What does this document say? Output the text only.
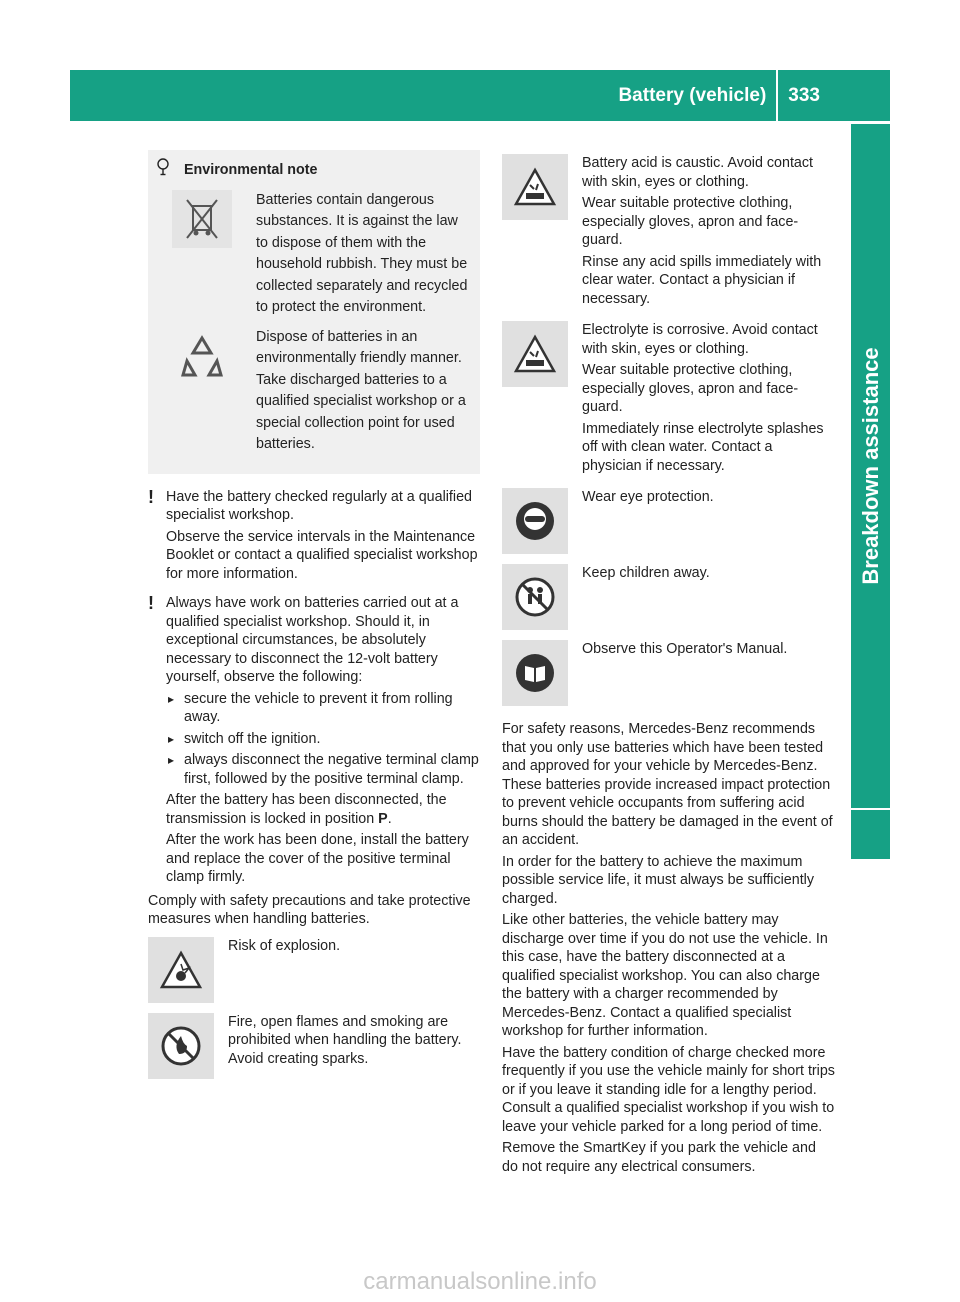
Battery (vehicle) 333
Breakdown assistance
Environmental note
Batteries contain dangerous substances. It is against the law to dispose of them with the household rubbish. They must be collected separately and recycled to protect the environment.
Dispose of batteries in an environmentally friendly manner. Take discharged batteries to a qualified specialist workshop or a special collection point for used batteries.
! Have the battery checked regularly at a qualified specialist workshop.

Observe the service intervals in the Maintenance Booklet or contact a qualified specialist workshop for more information.

! Always have work on batteries carried out at a qualified specialist workshop. Should it, in exceptional circumstances, be absolutely necessary to disconnect the 12-volt battery yourself, observe the following:

▸ secure the vehicle to prevent it from rolling away.
▸ switch off the ignition.
▸ always disconnect the negative terminal clamp first, followed by the positive terminal clamp.

After the battery has been disconnected, the transmission is locked in position P.

After the work has been done, install the battery and replace the cover of the positive terminal clamp firmly.

Comply with safety precautions and take protective measures when handling batteries.

Risk of explosion.

Fire, open flames and smoking are prohibited when handling the battery. Avoid creating sparks.

Battery acid is caustic. Avoid contact with skin, eyes or clothing.

Wear suitable protective clothing, especially gloves, apron and face-guard.

Rinse any acid spills immediately with clear water. Contact a physician if necessary.

Electrolyte is corrosive. Avoid contact with skin, eyes or clothing.

Wear suitable protective clothing, especially gloves, apron and face-guard.

Immediately rinse electrolyte splashes off with clean water. Contact a physician if necessary.

Wear eye protection.

Keep children away.

Observe this Operator's Manual.

For safety reasons, Mercedes-Benz recommends that you only use batteries which have been tested and approved for your vehicle by Mercedes-Benz. These batteries provide increased impact protection to prevent vehicle occupants from suffering acid burns should the battery be damaged in the event of an accident.

In order for the battery to achieve the maximum possible service life, it must always be sufficiently charged.

Like other batteries, the vehicle battery may discharge over time if you do not use the vehicle. In this case, have the battery disconnected at a qualified specialist workshop. You can also charge the battery with a charger recommended by Mercedes-Benz. Contact a qualified specialist workshop for further information.

Have the battery condition of charge checked more frequently if you use the vehicle mainly for short trips or if you leave it standing idle for a lengthy period. Consult a qualified specialist workshop if you wish to leave your vehicle parked for a long period of time.

Remove the SmartKey if you park the vehicle and do not require any electrical consumers.

carmanualsonline.info
